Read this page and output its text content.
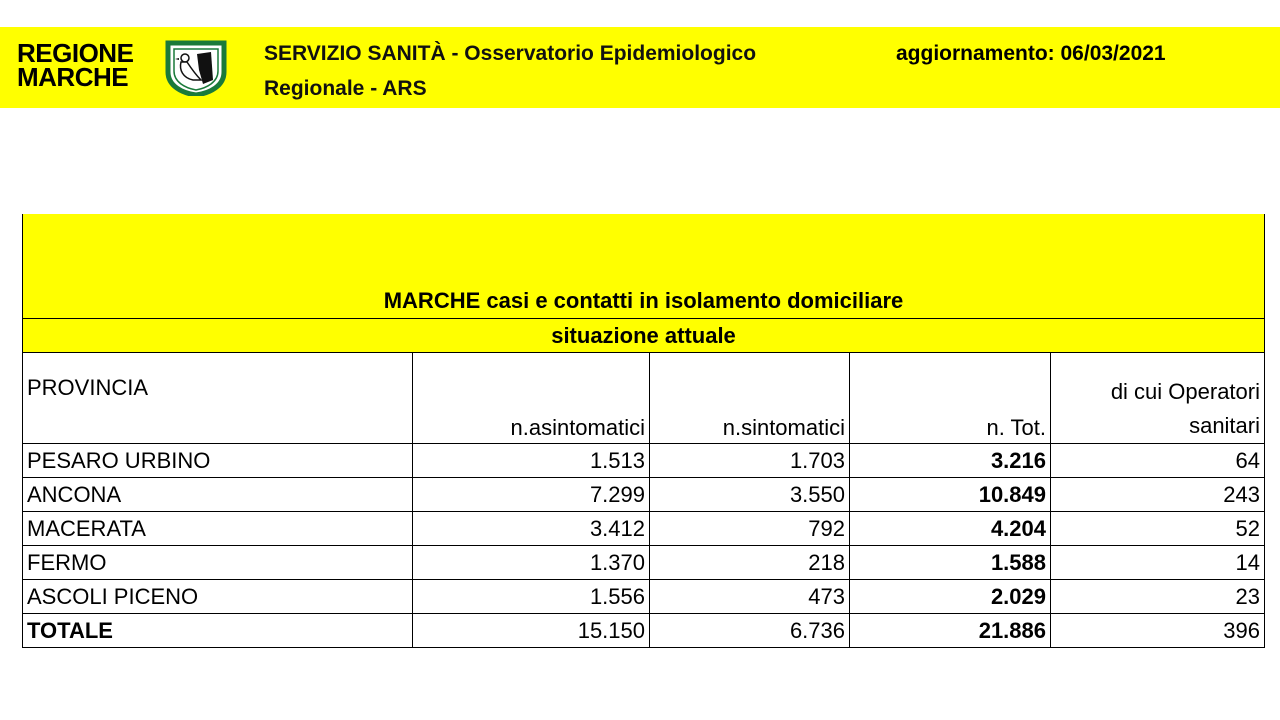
REGIONE
MARCHE
SERVIZIO SANITÀ - Osservatorio Epidemiologico
Regionale - ARS
aggiornamento: 06/03/2021
MARCHE casi e contatti in isolamento domiciliare				
situazione attuale				
PROVINCIA	n.asintomatici	n.sintomatici	n. Tot.	di cui Operatori
sanitari

PESARO URBINO	1.513	1.703	3.216	64
ANCONA	7.299	3.550	10.849	243
MACERATA	3.412	792	4.204	52
FERMO	1.370	218	1.588	14
ASCOLI PICENO	1.556	473	2.029	23
TOTALE	15.150	6.736	21.886	396
